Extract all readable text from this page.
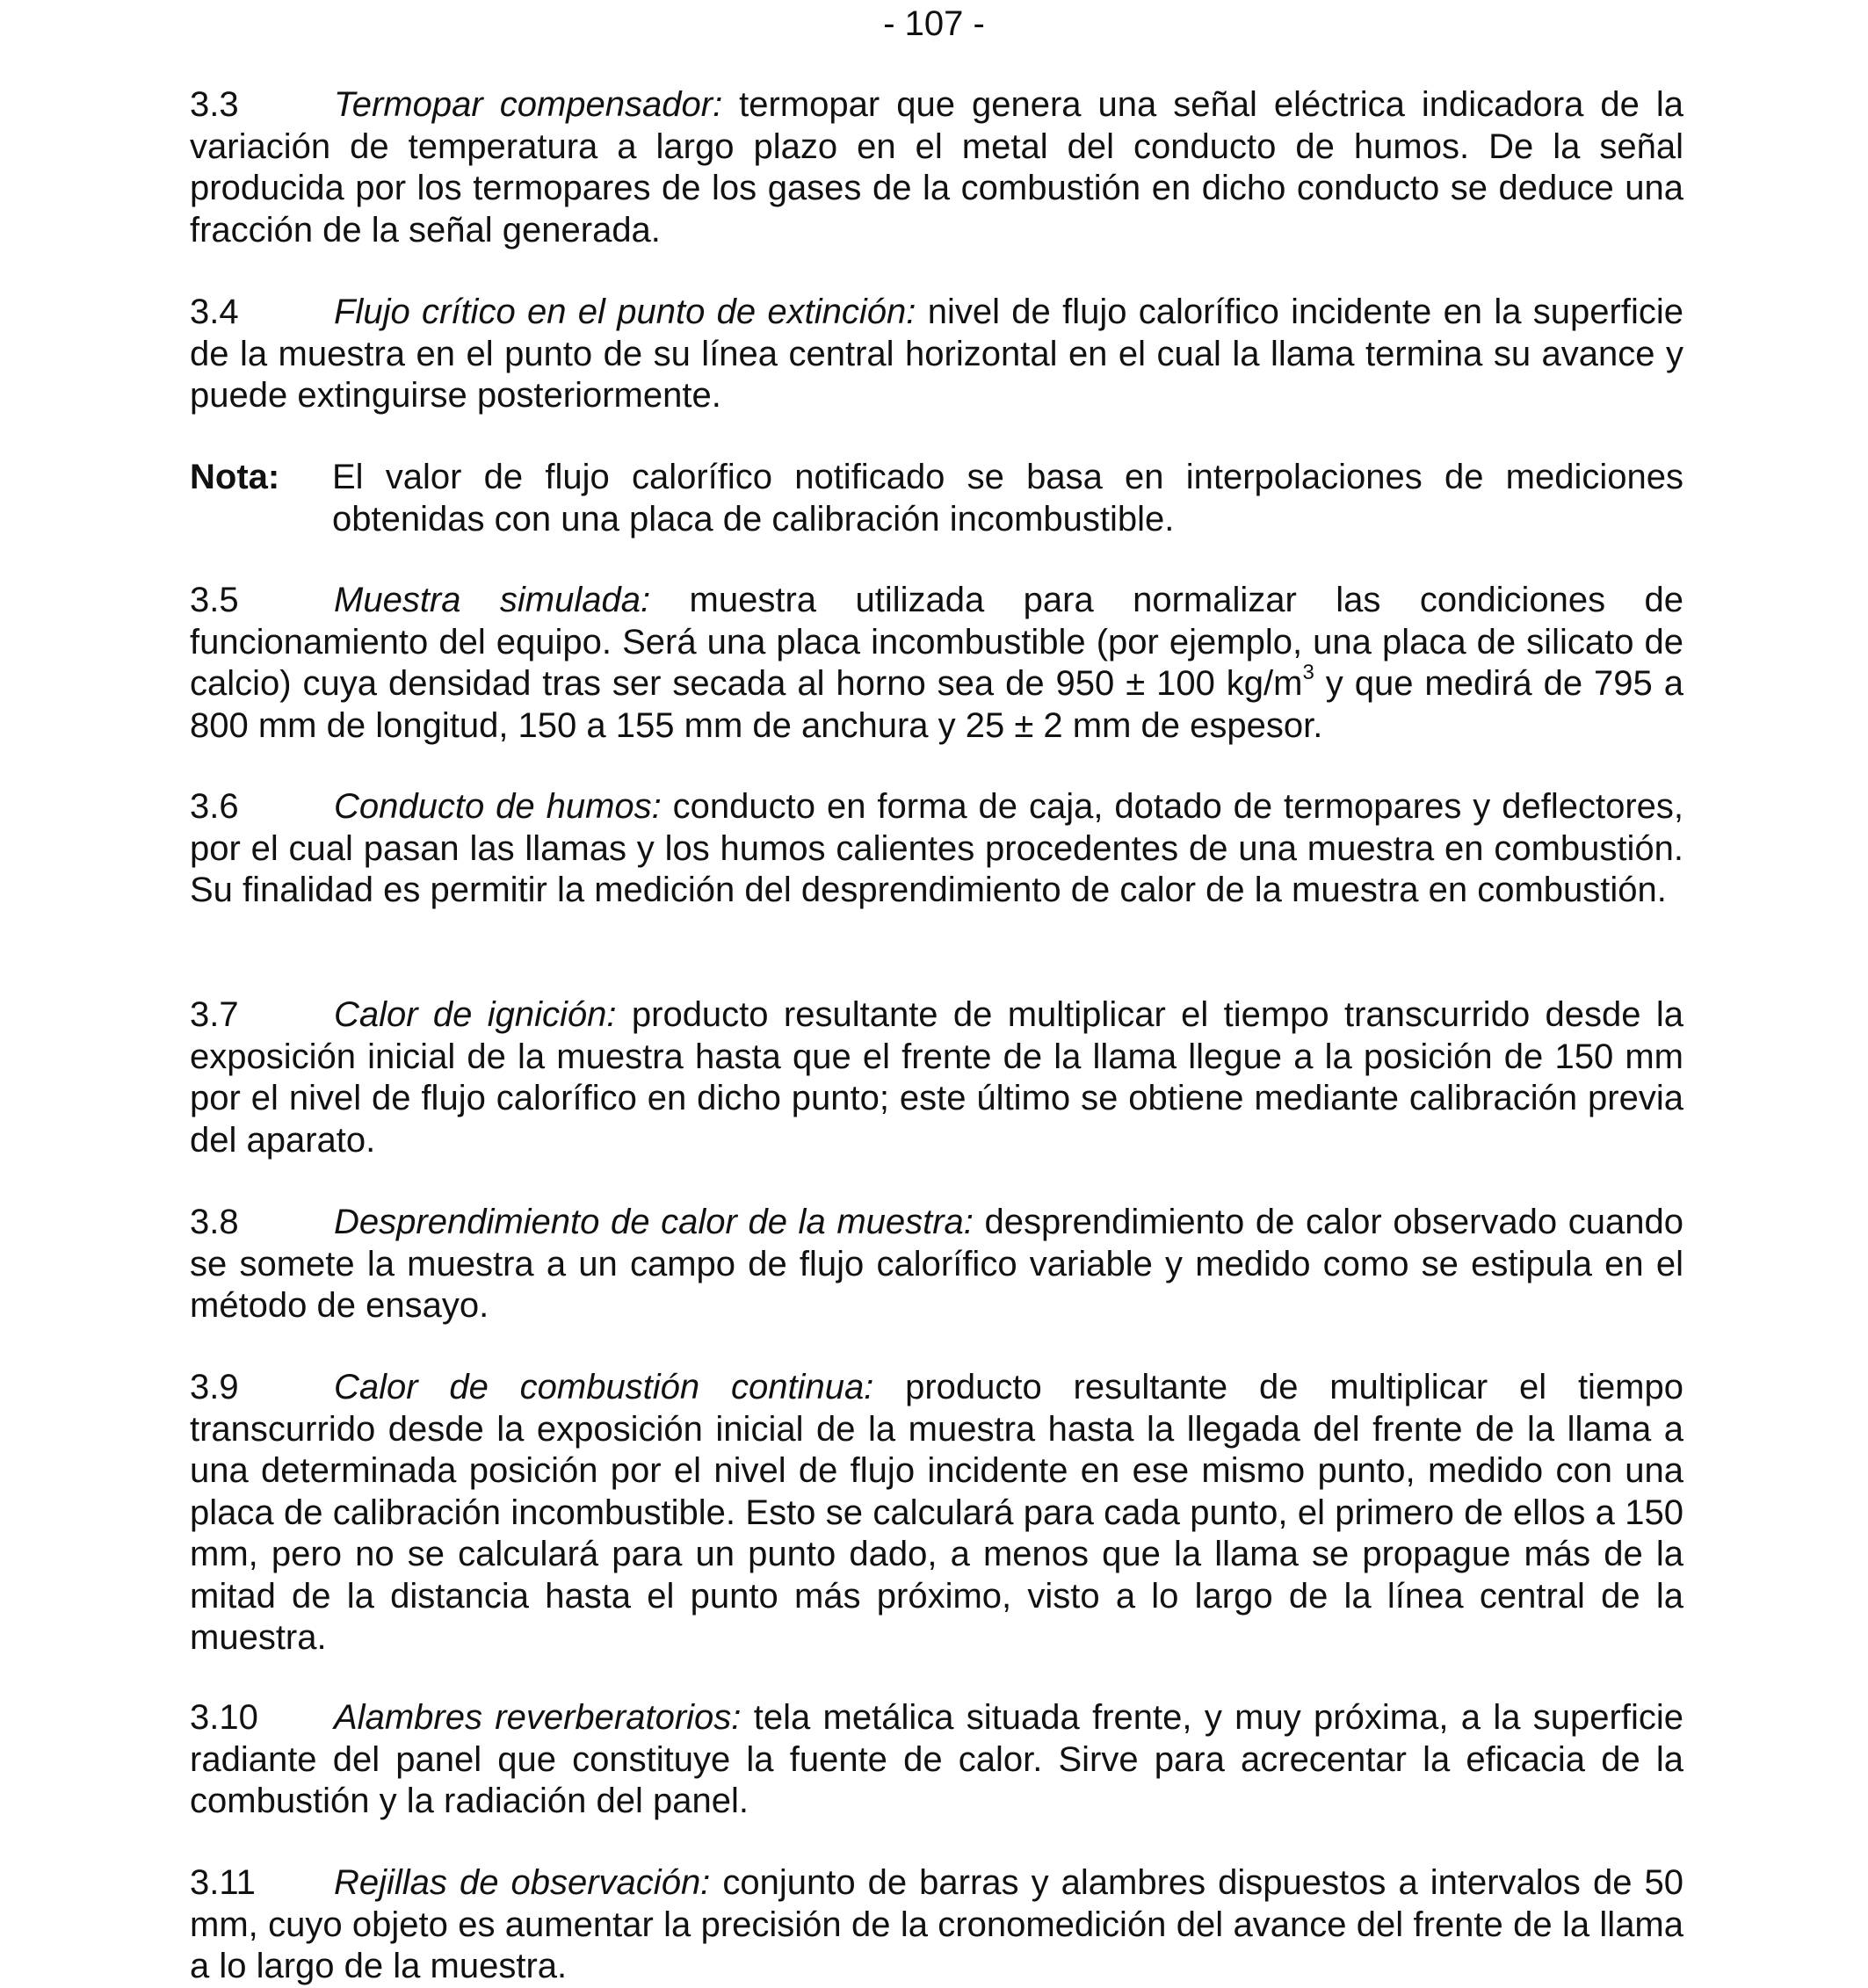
- 107 -
3.3	Termopar compensador: termopar que genera una señal eléctrica indicadora de la variación de temperatura a largo plazo en el metal del conducto de humos. De la señal producida por los termopares de los gases de la combustión en dicho conducto se deduce una fracción de la señal generada.
3.4	Flujo crítico en el punto de extinción: nivel de flujo calorífico incidente en la superficie de la muestra en el punto de su línea central horizontal en el cual la llama termina su avance y puede extinguirse posteriormente.
Nota: El valor de flujo calorífico notificado se basa en interpolaciones de mediciones obtenidas con una placa de calibración incombustible.
3.5	Muestra simulada: muestra utilizada para normalizar las condiciones de funcionamiento del equipo. Será una placa incombustible (por ejemplo, una placa de silicato de calcio) cuya densidad tras ser secada al horno sea de 950 ± 100 $kg/m^3$ y que medirá de 795 a 800 mm de longitud, 150 a 155 mm de anchura y 25 ± 2 mm de espesor.
3.6	Conducto de humos: conducto en forma de caja, dotado de termopares y deflectores, por el cual pasan las llamas y los humos calientes procedentes de una muestra en combustión. Su finalidad es permitir la medición del desprendimiento de calor de la muestra en combustión.
3.7	Calor de ignición: producto resultante de multiplicar el tiempo transcurrido desde la exposición inicial de la muestra hasta que el frente de la llama llegue a la posición de 150 mm por el nivel de flujo calorífico en dicho punto; este último se obtiene mediante calibración previa del aparato.
3.8	Desprendimiento de calor de la muestra: desprendimiento de calor observado cuando se somete la muestra a un campo de flujo calorífico variable y medido como se estipula en el método de ensayo.
3.9	Calor de combustión continua: producto resultante de multiplicar el tiempo transcurrido desde la exposición inicial de la muestra hasta la llegada del frente de la llama a una determinada posición por el nivel de flujo incidente en ese mismo punto, medido con una placa de calibración incombustible. Esto se calculará para cada punto, el primero de ellos a 150 mm, pero no se calculará para un punto dado, a menos que la llama se propague más de la mitad de la distancia hasta el punto más próximo, visto a lo largo de la línea central de la muestra.
3.10 Alambres reverberatorios: tela metálica situada frente, y muy próxima, a la superficie radiante del panel que constituye la fuente de calor. Sirve para acrecentar la eficacia de la combustión y la radiación del panel.
3.11 Rejillas de observación: conjunto de barras y alambres dispuestos a intervalos de 50 mm, cuyo objeto es aumentar la precisión de la cronomedición del avance del frente de la llama a lo largo de la muestra.
